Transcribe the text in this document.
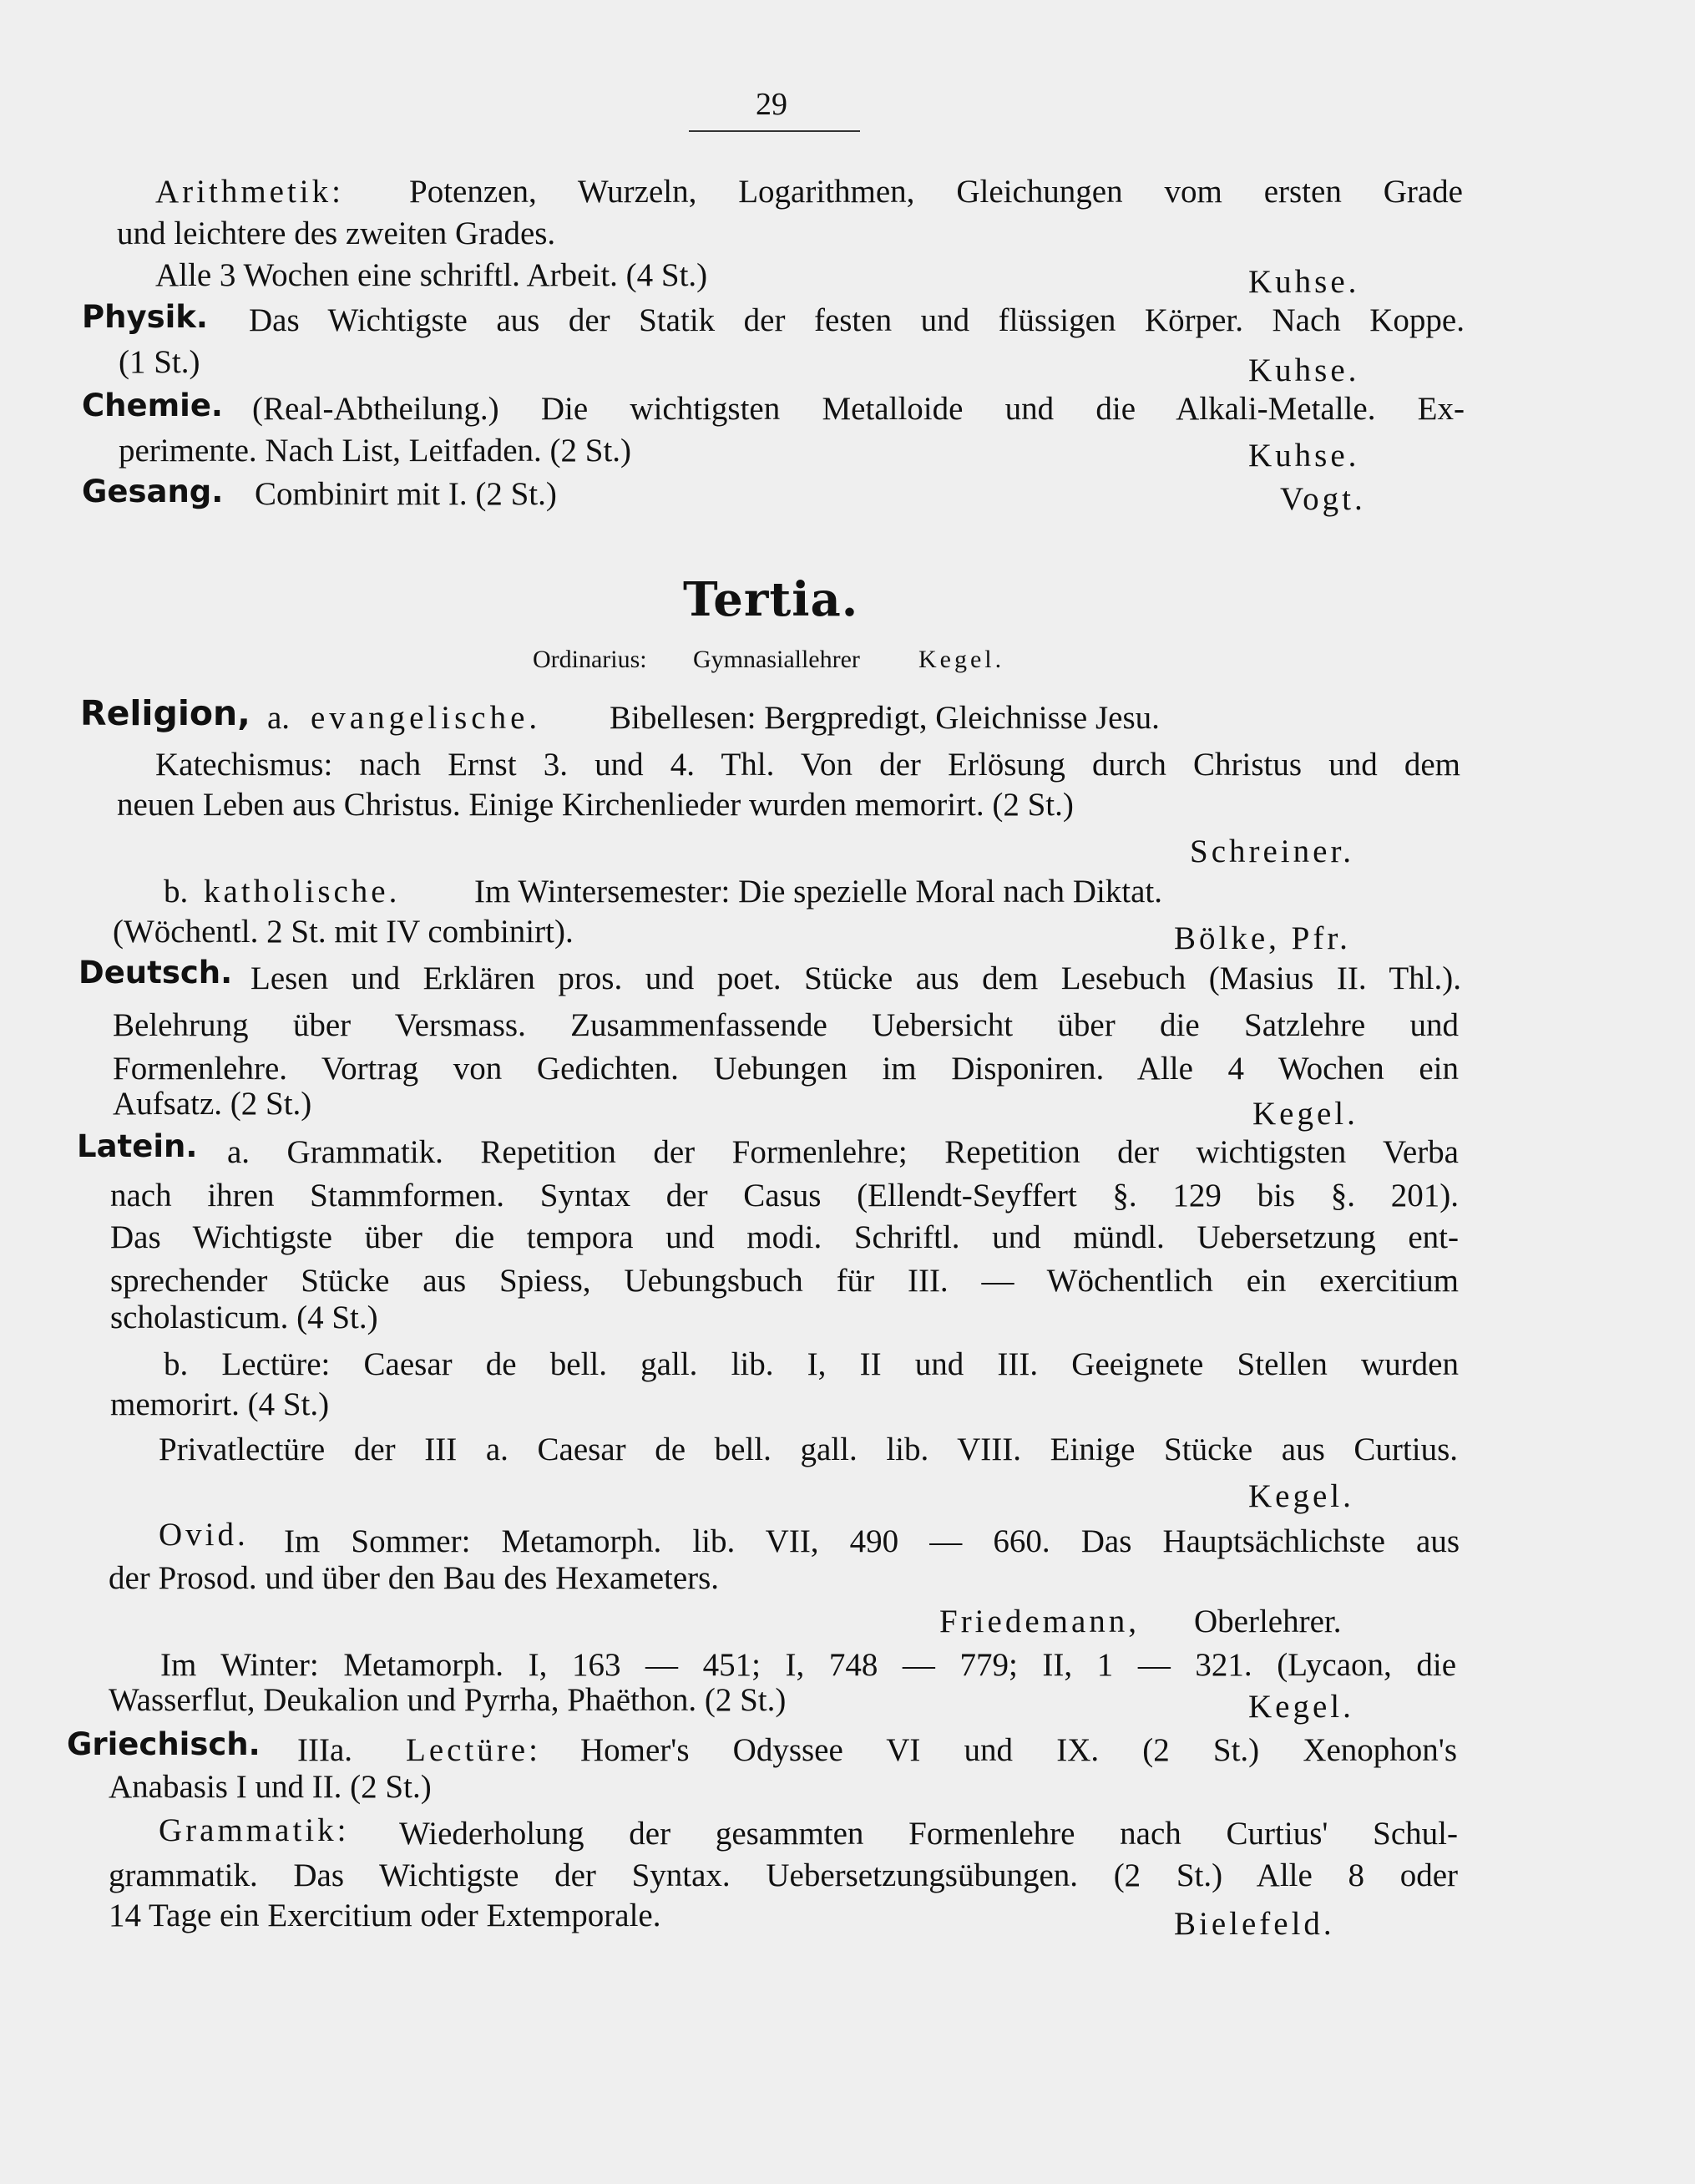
29
Arithmetik: Potenzen, Wurzeln, Logarithmen, Gleichungen vom ersten Grade
und leichtere des zweiten Grades.
Alle 3 Wochen eine schriftl. Arbeit. (4 St.)	Kuhse.
Physik. Das Wichtigste aus der Statik der festen und flüssigen Körper. Nach Koppe.
(1 St.)	Kuhse.
Chemie. (Real-Abtheilung.) Die wichtigsten Metalloide und die Alkali-Metalle. Ex-
perimente. Nach List, Leitfaden. (2 St.)	Kuhse.
Gesang. Combinirt mit I. (2 St.)	Vogt.
Tertia.
Ordinarius: Gymnasiallehrer Kegel.
Religion, a. evangelische. Bibellesen: Bergpredigt, Gleichnisse Jesu.
Katechismus: nach Ernst 3. und 4. Thl. Von der Erlösung durch Christus und dem
neuen Leben aus Christus. Einige Kirchenlieder wurden memorirt. (2 St.)
Schreiner.
b. katholische. Im Wintersemester: Die spezielle Moral nach Diktat.
(Wöchentl. 2 St. mit IV combinirt).	Bölke, Pfr.
Deutsch. Lesen und Erklären pros. und poet. Stücke aus dem Lesebuch (Masius II. Thl.).
Belehrung über Versmass. Zusammenfassende Uebersicht über die Satzlehre und
Formenlehre. Vortrag von Gedichten. Uebungen im Disponiren. Alle 4 Wochen ein
Aufsatz. (2 St.)	Kegel.
Latein. a. Grammatik. Repetition der Formenlehre; Repetition der wichtigsten Verba
nach ihren Stammformen. Syntax der Casus (Ellendt-Seyffert §. 129 bis §. 201).
Das Wichtigste über die tempora und modi. Schriftl. und mündl. Uebersetzung ent-
sprechender Stücke aus Spiess, Uebungsbuch für III. — Wöchentlich ein exercitium
scholasticum. (4 St.)
b. Lectüre: Caesar de bell. gall. lib. I, II und III. Geeignete Stellen wurden
memorirt. (4 St.)
Privatlectüre der III a. Caesar de bell. gall. lib. VIII. Einige Stücke aus Curtius.
Kegel.
Ovid. Im Sommer: Metamorph. lib. VII, 490 — 660. Das Hauptsächlichste aus
der Prosod. und über den Bau des Hexameters.
Friedemann, Oberlehrer.
Im Winter: Metamorph. I, 163 — 451; I, 748 — 779; II, 1 — 321. (Lycaon, die
Wasserflut, Deukalion und Pyrrha, Phaëthon. (2 St.)	Kegel.
Griechisch. IIIa. Lectüre: Homer's Odyssee VI und IX. (2 St.) Xenophon's
Anabasis I und II. (2 St.)
Grammatik: Wiederholung der gesammten Formenlehre nach Curtius' Schul-
grammatik. Das Wichtigste der Syntax. Uebersetzungsübungen. (2 St.) Alle 8 oder
14 Tage ein Exercitium oder Extemporale.	Bielefeld.
